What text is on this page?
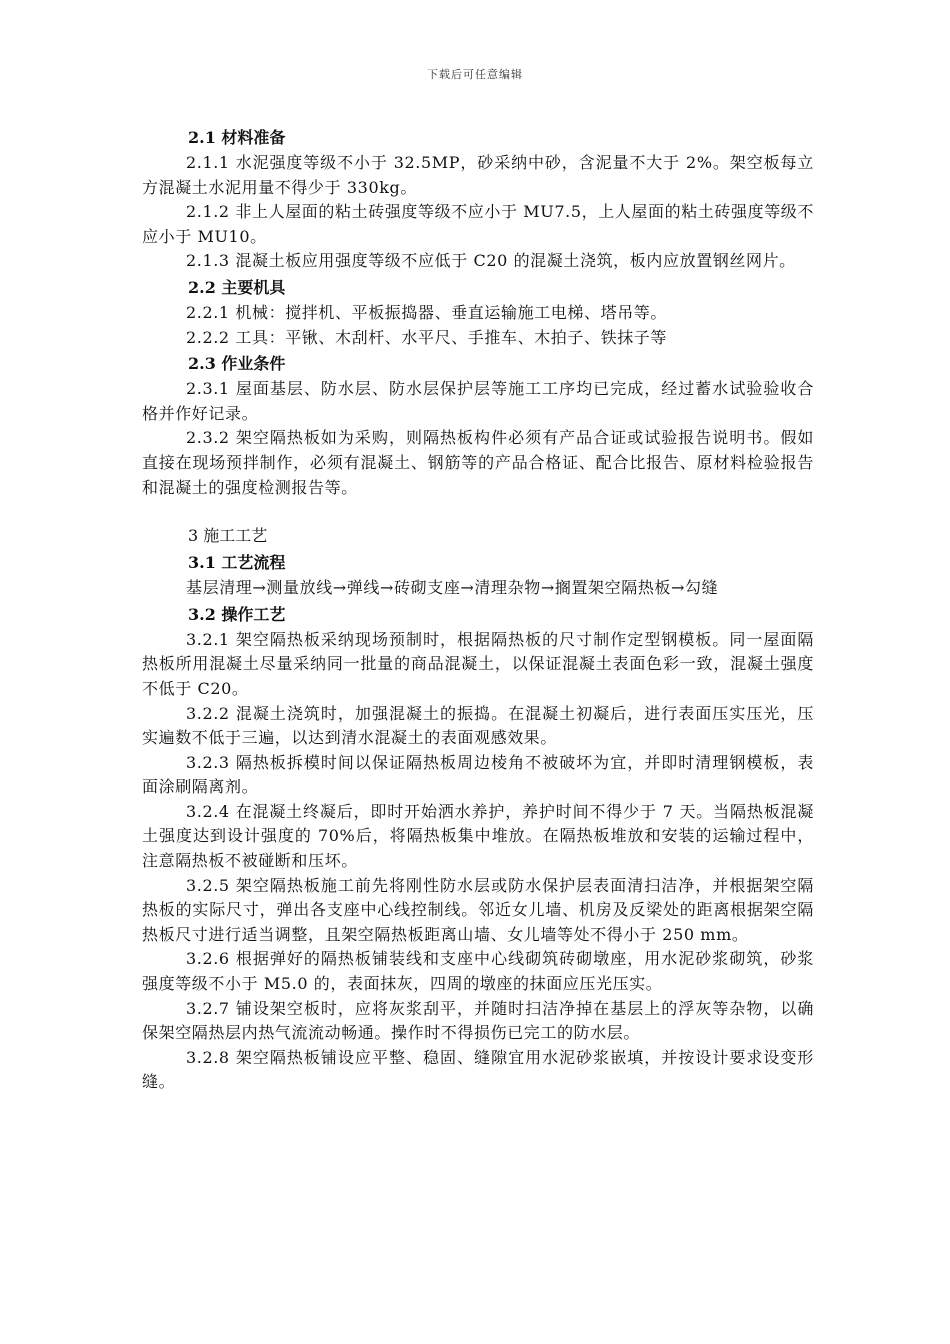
下载后可任意编辑
2.1 材料准备
2.1.1 水泥强度等级不小于 32.5MP，砂采纳中砂，含泥量不大于 2%。架空板每立方混凝土水泥用量不得少于 330kg。
2.1.2 非上人屋面的粘土砖强度等级不应小于 MU7.5，上人屋面的粘土砖强度等级不应小于 MU10。
2.1.3 混凝土板应用强度等级不应低于 C20 的混凝土浇筑，板内应放置钢丝网片。
2.2 主要机具
2.2.1 机械：搅拌机、平板振捣器、垂直运输施工电梯、塔吊等。
2.2.2 工具：平锹、木刮杆、水平尺、手推车、木拍子、铁抹子等
2.3 作业条件
2.3.1 屋面基层、防水层、防水层保护层等施工工序均已完成，经过蓄水试验验收合格并作好记录。
2.3.2 架空隔热板如为采购，则隔热板构件必须有产品合证或试验报告说明书。假如直接在现场预拌制作，必须有混凝土、钢筋等的产品合格证、配合比报告、原材料检验报告和混凝土的强度检测报告等。
3 施工工艺
3.1 工艺流程
基层清理→测量放线→弹线→砖砌支座→清理杂物→搁置架空隔热板→勾缝
3.2 操作工艺
3.2.1 架空隔热板采纳现场预制时，根据隔热板的尺寸制作定型钢模板。同一屋面隔热板所用混凝土尽量采纳同一批量的商品混凝土，以保证混凝土表面色彩一致，混凝土强度不低于 C20。
3.2.2 混凝土浇筑时，加强混凝土的振捣。在混凝土初凝后，进行表面压实压光，压实遍数不低于三遍，以达到清水混凝土的表面观感效果。
3.2.3 隔热板拆模时间以保证隔热板周边棱角不被破坏为宜，并即时清理钢模板，表面涂刷隔离剂。
3.2.4 在混凝土终凝后，即时开始洒水养护，养护时间不得少于 7 天。当隔热板混凝土强度达到设计强度的 70%后，将隔热板集中堆放。在隔热板堆放和安装的运输过程中，注意隔热板不被碰断和压坏。
3.2.5 架空隔热板施工前先将刚性防水层或防水保护层表面清扫洁净，并根据架空隔热板的实际尺寸，弹出各支座中心线控制线。邻近女儿墙、机房及反梁处的距离根据架空隔热板尺寸进行适当调整，且架空隔热板距离山墙、女儿墙等处不得小于 250 mm。
3.2.6 根据弹好的隔热板铺装线和支座中心线砌筑砖砌墩座，用水泥砂浆砌筑，砂浆强度等级不小于 M5.0 的，表面抹灰，四周的墩座的抹面应压光压实。
3.2.7 铺设架空板时，应将灰浆刮平，并随时扫洁净掉在基层上的浮灰等杂物，以确保架空隔热层内热气流流动畅通。操作时不得损伤已完工的防水层。
3.2.8 架空隔热板铺设应平整、稳固、缝隙宜用水泥砂浆嵌填，并按设计要求设变形缝。
